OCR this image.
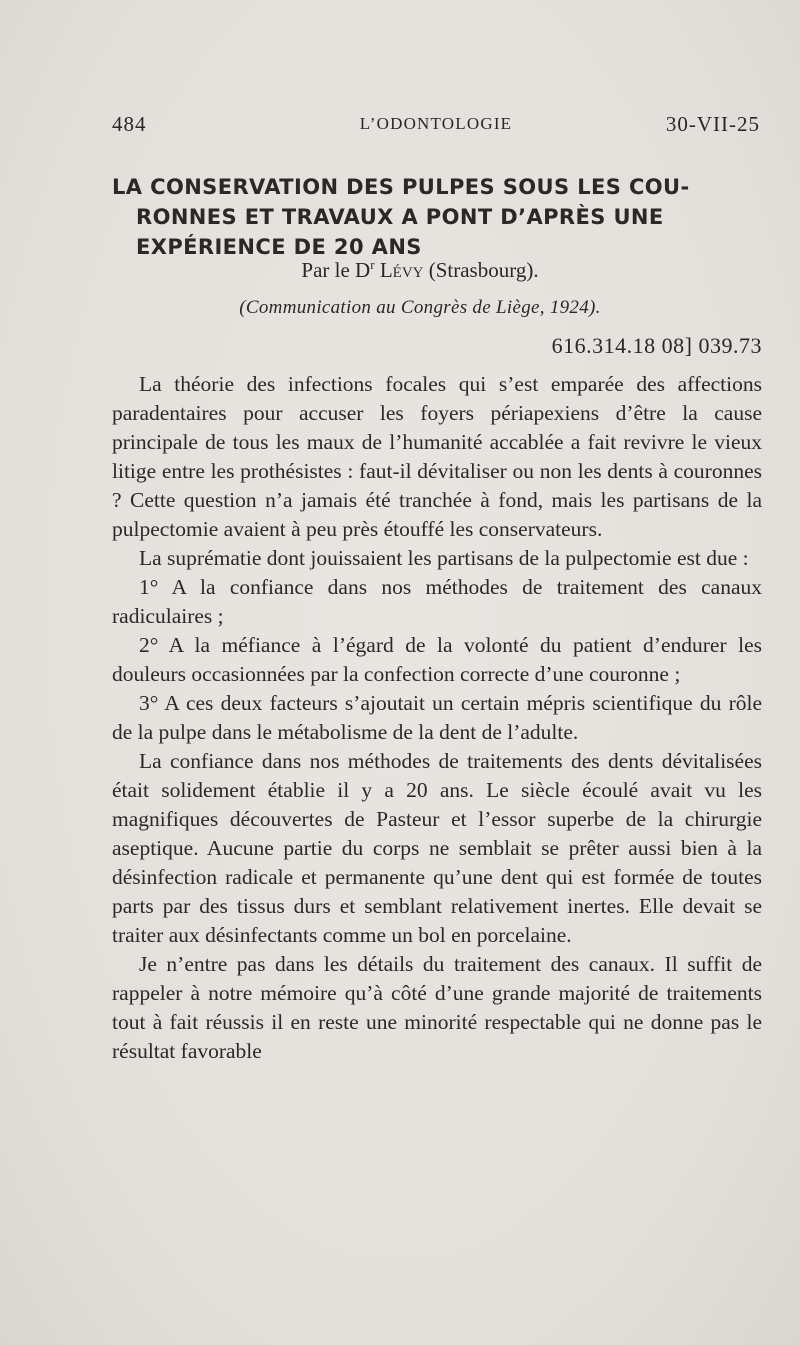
484	L’ODONTOLOGIE	30-VII-25
LA CONSERVATION DES PULPES SOUS LES COU-

RONNES ET TRAVAUX A PONT D’APRÈS UNE
EXPÉRIENCE DE 20 ANS
Par le $D^r$ Lévy (Strasbourg).
(Communication au Congrès de Liège, 1924).
616.314.18 08] 039.73

La théorie des infections focales qui s’est emparée des affections paradentaires pour accuser les foyers périapexiens d’être la cause principale de tous les maux de l’humanité accablée a fait revivre le vieux litige entre les prothésistes : faut-il dévitaliser ou non les dents à couronnes ? Cette question n’a jamais été tranchée à fond, mais les partisans de la pulpectomie avaient à peu près étouffé les conservateurs.

La suprématie dont jouissaient les partisans de la pulpectomie est due :

1° A la confiance dans nos méthodes de traitement des canaux radiculaires ;

2° A la méfiance à l’égard de la volonté du patient d’endurer les douleurs occasionnées par la confection correcte d’une couronne ;

3° A ces deux facteurs s’ajoutait un certain mépris scientifique du rôle de la pulpe dans le métabolisme de la dent de l’adulte.

La confiance dans nos méthodes de traitements des dents dévitalisées était solidement établie il y a 20 ans. Le siècle écoulé avait vu les magnifiques découvertes de Pasteur et l’essor superbe de la chirurgie aseptique. Aucune partie du corps ne semblait se prêter aussi bien à la désinfection radicale et permanente qu’une dent qui est formée de toutes parts par des tissus durs et semblant relativement inertes. Elle devait se traiter aux désinfectants comme un bol en porcelaine.

Je n’entre pas dans les détails du traitement des canaux. Il suffit de rappeler à notre mémoire qu’à côté d’une grande majorité de traitements tout à fait réussis il en reste une minorité respectable qui ne donne pas le résultat favorable
